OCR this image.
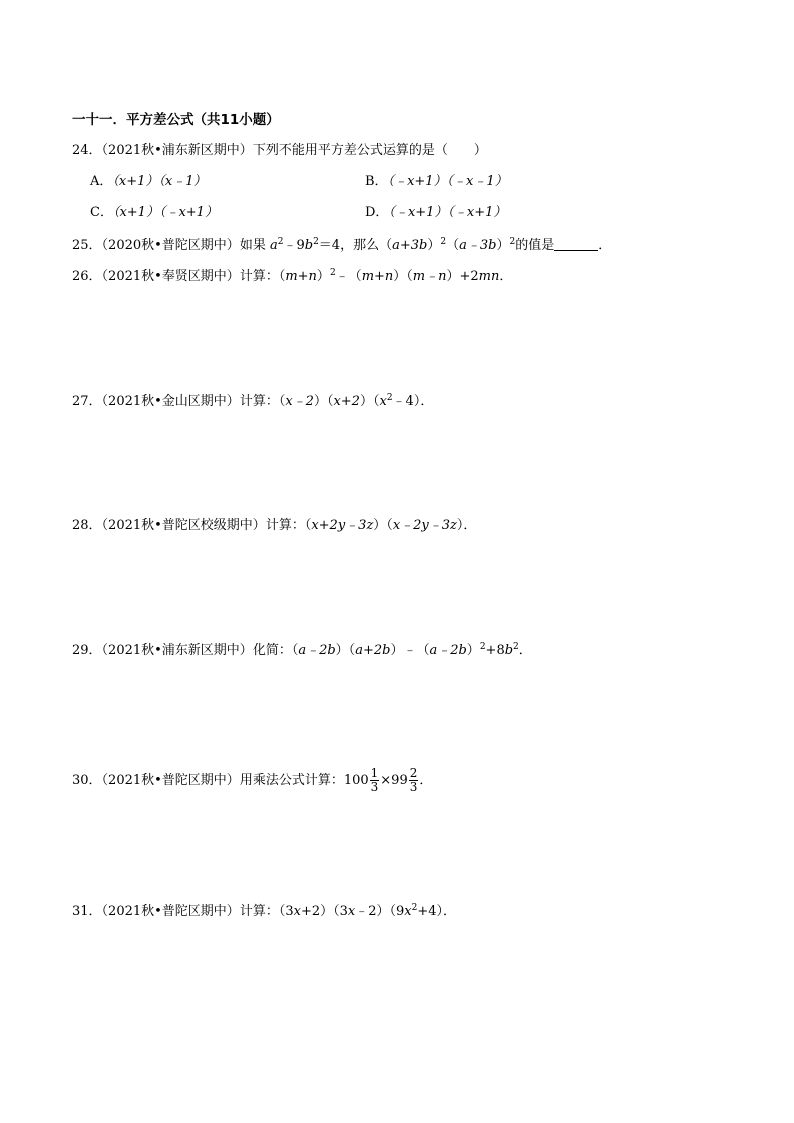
一十一．平方差公式（共11小题）
24．（2021秋•浦东新区期中）下列不能用平方差公式运算的是（　　）
A．（x+1）（x﹣1）	B．（﹣x+1）（﹣x﹣1）
C．（x+1）（﹣x+1）	D．（﹣x+1）（﹣x+1）
25．（2020秋•普陀区期中）如果 $a^2﹣9b^2=4$，那么$(a+3b)^2(a﹣3b)^2$的值是	．
26．（2021秋•奉贤区期中）计算：$(m+n)^2﹣(m+n)(m﹣n)+2mn$．
27．（2021秋•金山区期中）计算：$(x﹣2)(x+2)(x^2﹣4)$．
28．（2021秋•普陀区校级期中）计算：（x+2y﹣3z）（x﹣2y﹣3z）．
29．（2021秋•浦东新区期中）化简：$(a﹣2b)(a+2b)﹣(a﹣2b)^2+8b^2$．
30．（2021秋•普陀区期中）用乘法公式计算：$100 \frac{1}{3} \times 99 \frac{2}{3}$ ．
31．（2021秋•普陀区期中）计算：$(3x+2)(3x﹣2)(9x^2+4)$．
